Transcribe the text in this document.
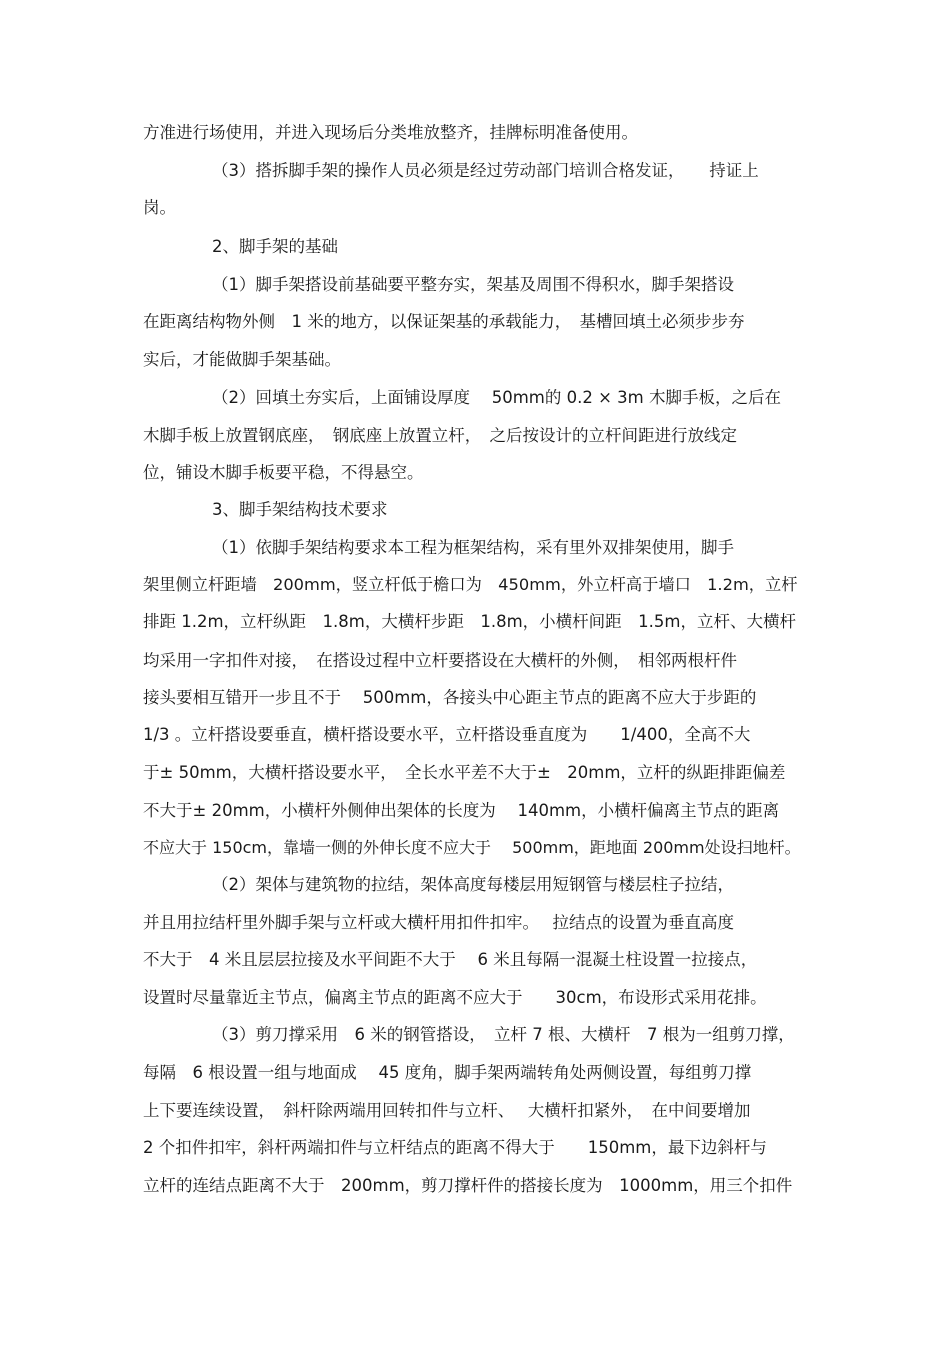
方准进行场使用，并进入现场后分类堆放整齐，挂牌标明准备使用。
（3）搭拆脚手架的操作人员必须是经过劳动部门培训合格发证，　　持证上
岗。
2、脚手架的基础
（1）脚手架搭设前基础要平整夯实，架基及周围不得积水，脚手架搭设
在距离结构物外侧　1 米的地方，以保证架基的承载能力，　基槽回填土必须步步夯
实后，才能做脚手架基础。
（2）回填土夯实后，上面铺设厚度　 50mm的 0.2 × 3m 木脚手板，之后在
木脚手板上放置钢底座，　钢底座上放置立杆，　之后按设计的立杆间距进行放线定
位，铺设木脚手板要平稳，不得悬空。
3、脚手架结构技术要求
（1）依脚手架结构要求本工程为框架结构，采有里外双排架使用，脚手
架里侧立杆距墙　200mm，竖立杆低于檐口为　450mm，外立杆高于墙口　1.2m，立杆
排距 1.2m，立杆纵距　1.8m，大横杆步距　1.8m，小横杆间距　1.5m，立杆、大横杆
均采用一字扣件对接，　在搭设过程中立杆要搭设在大横杆的外侧，　相邻两根杆件
接头要相互错开一步且不于　 500mm，各接头中心距主节点的距离不应大于步距的
1/3 。立杆搭设要垂直，横杆搭设要水平，立杆搭设垂直度为　　1/400，全高不大
于± 50mm，大横杆搭设要水平，　全长水平差不大于±　20mm，立杆的纵距排距偏差
不大于± 20mm，小横杆外侧伸出架体的长度为　 140mm，小横杆偏离主节点的距离
不应大于 150cm，靠墙一侧的外伸长度不应大于　 500mm，距地面 200mm处设扫地杆。
（2）架体与建筑物的拉结，架体高度每楼层用短钢管与楼层柱子拉结，
并且用拉结杆里外脚手架与立杆或大横杆用扣件扣牢。　 拉结点的设置为垂直高度
不大于　4 米且层层拉接及水平间距不大于　 6 米且每隔一混凝土柱设置一拉接点，
设置时尽量靠近主节点，偏离主节点的距离不应大于　　30cm，布设形式采用花排。
（3）剪刀撑采用　6 米的钢管搭设，　立杆 7 根、大横杆　7 根为一组剪刀撑，
每隔　6 根设置一组与地面成　 45 度角，脚手架两端转角处两侧设置，每组剪刀撑
上下要连续设置，　斜杆除两端用回转扣件与立杆、　 大横杆扣紧外，　在中间要增加
2 个扣件扣牢，斜杆两端扣件与立杆结点的距离不得大于　　150mm，最下边斜杆与
立杆的连结点距离不大于　200mm，剪刀撑杆件的搭接长度为　1000mm，用三个扣件
